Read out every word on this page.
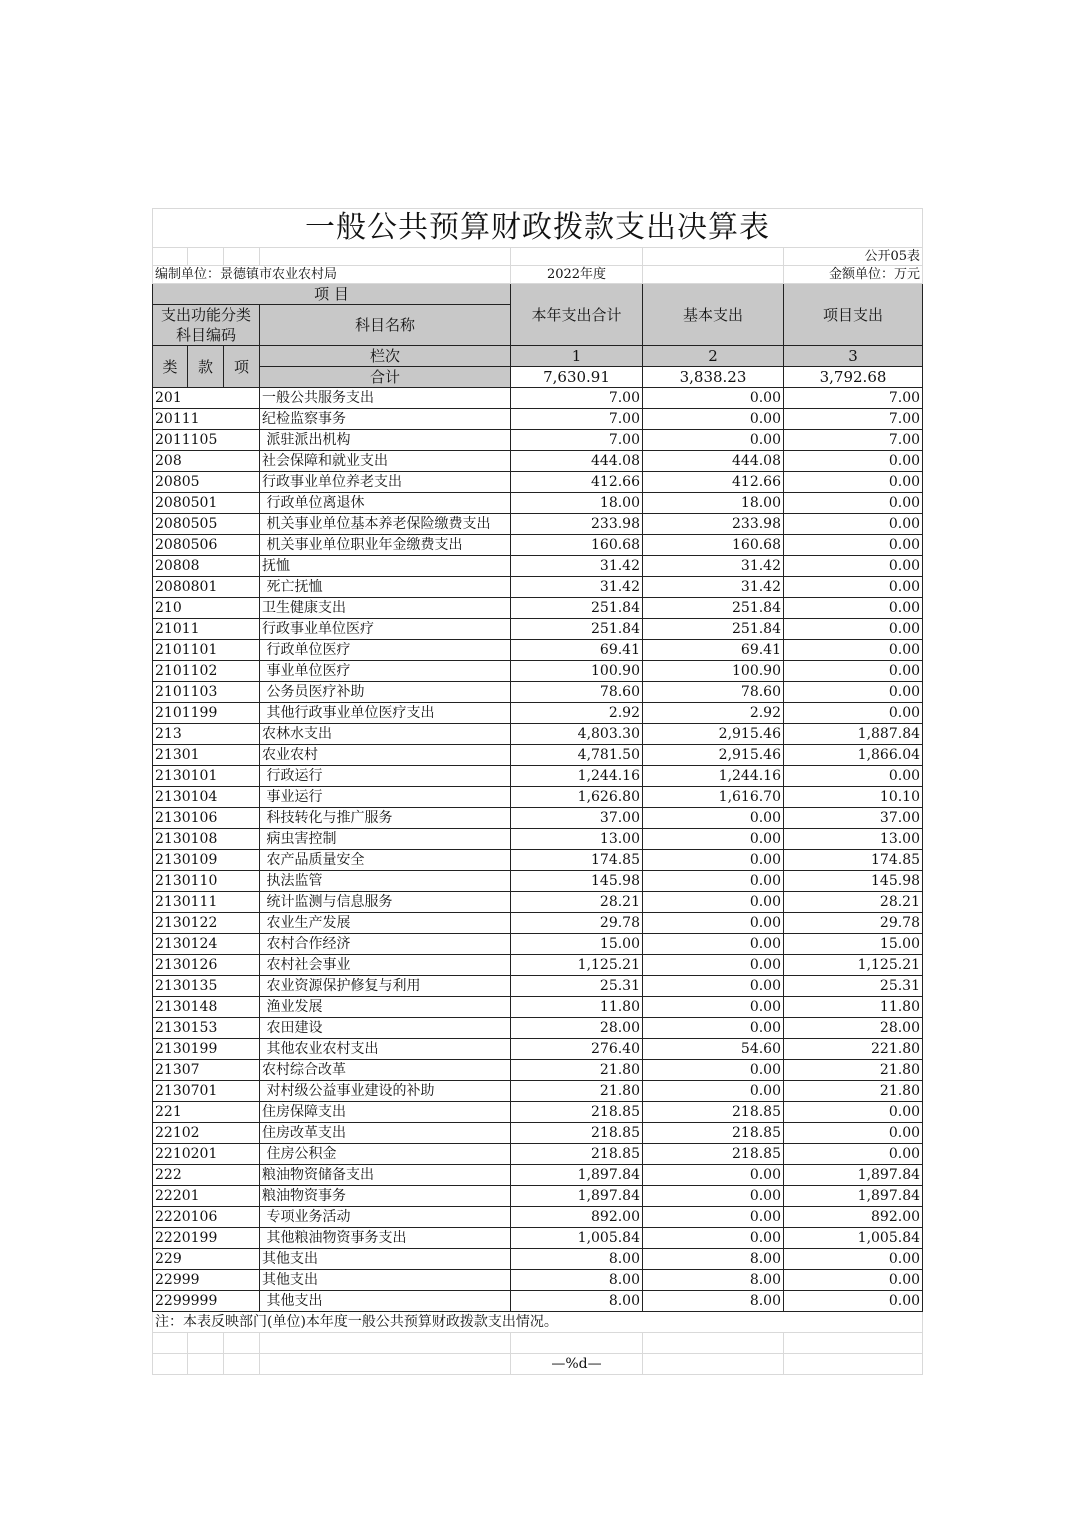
一般公共预算财政拨款支出决算表						
						公开05表
编制单位：景德镇市农业农村局				2022年度		金额单位：万元
项 目				本年支出合计	基本支出	项目支出
支出功能分类科目编码			科目名称			

类	款	项	栏次	1	2	3
			合计	7,630.91	3,838.23	3,792.68
201			一般公共服务支出	7.00	0.00	7.00
20111			纪检监察事务	7.00	0.00	7.00
2011105			派驻派出机构	7.00	0.00	7.00
208			社会保障和就业支出	444.08	444.08	0.00
20805			行政事业单位养老支出	412.66	412.66	0.00
2080501			行政单位离退休	18.00	18.00	0.00
2080505			机关事业单位基本养老保险缴费支出	233.98	233.98	0.00
2080506			机关事业单位职业年金缴费支出	160.68	160.68	0.00
20808			抚恤	31.42	31.42	0.00
2080801			死亡抚恤	31.42	31.42	0.00
210			卫生健康支出	251.84	251.84	0.00
21011			行政事业单位医疗	251.84	251.84	0.00
2101101			行政单位医疗	69.41	69.41	0.00
2101102			事业单位医疗	100.90	100.90	0.00
2101103			公务员医疗补助	78.60	78.60	0.00
2101199			其他行政事业单位医疗支出	2.92	2.92	0.00
213			农林水支出	4,803.30	2,915.46	1,887.84
21301			农业农村	4,781.50	2,915.46	1,866.04
2130101			行政运行	1,244.16	1,244.16	0.00
2130104			事业运行	1,626.80	1,616.70	10.10
2130106			科技转化与推广服务	37.00	0.00	37.00
2130108			病虫害控制	13.00	0.00	13.00
2130109			农产品质量安全	174.85	0.00	174.85
2130110			执法监管	145.98	0.00	145.98
2130111			统计监测与信息服务	28.21	0.00	28.21
2130122			农业生产发展	29.78	0.00	29.78
2130124			农村合作经济	15.00	0.00	15.00
2130126			农村社会事业	1,125.21	0.00	1,125.21
2130135			农业资源保护修复与利用	25.31	0.00	25.31
2130148			渔业发展	11.80	0.00	11.80
2130153			农田建设	28.00	0.00	28.00
2130199			其他农业农村支出	276.40	54.60	221.80
21307			农村综合改革	21.80	0.00	21.80
2130701			对村级公益事业建设的补助	21.80	0.00	21.80
221			住房保障支出	218.85	218.85	0.00
22102			住房改革支出	218.85	218.85	0.00
2210201			住房公积金	218.85	218.85	0.00
222			粮油物资储备支出	1,897.84	0.00	1,897.84
22201			粮油物资事务	1,897.84	0.00	1,897.84
2220106			专项业务活动	892.00	0.00	892.00
2220199			其他粮油物资事务支出	1,005.84	0.00	1,005.84
229			其他支出	8.00	8.00	0.00
22999			其他支出	8.00	8.00	0.00
2299999			其他支出	8.00	8.00	0.00
注：本表反映部门(单位)本年度一般公共预算财政拨款支出情况。						

				—%d—		
